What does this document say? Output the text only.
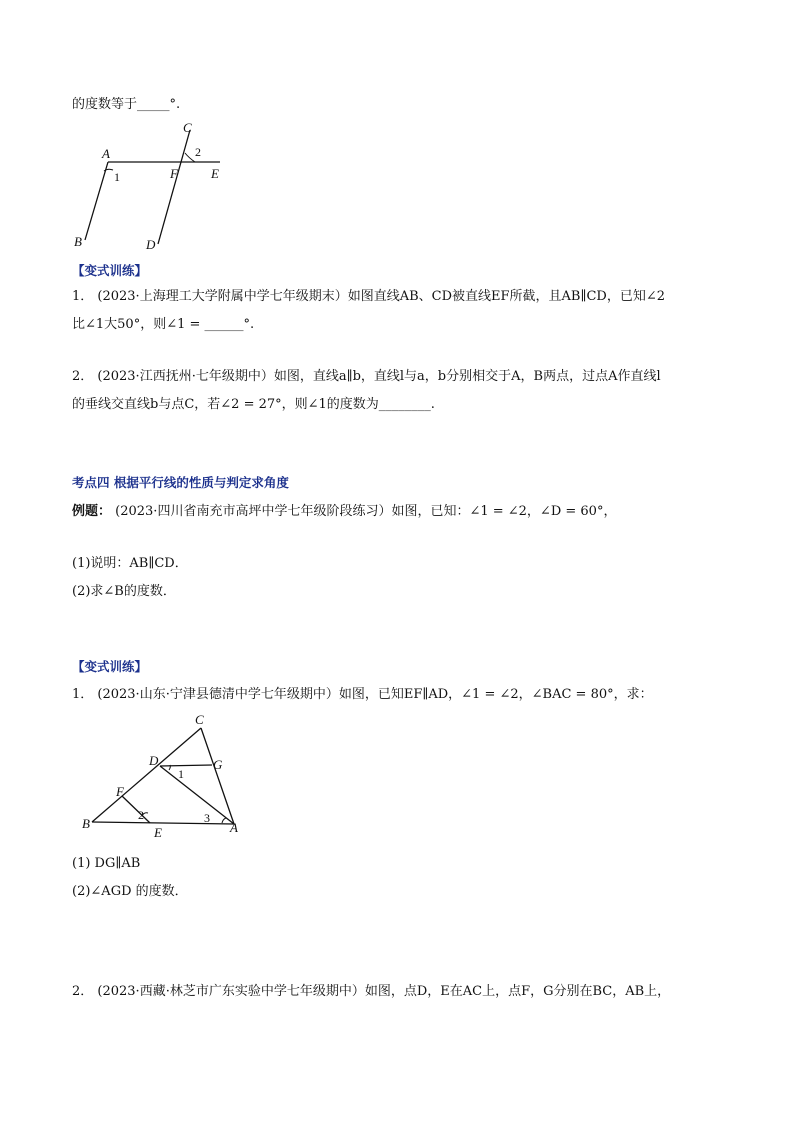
的度数等于_____°.
A
B
C
D
E
F
1
2
【变式训练】
1． (2023·上海理工大学附属中学七年级期末）如图直线AB、CD被直线EF所截，且AB∥CD，已知∠2
比∠1大50°，则∠1 = ______°.
2． (2023·江西抚州·七年级期中）如图，直线a∥b，直线l与a，b分别相交于A，B两点，过点A作直线l
的垂线交直线b与点C，若∠2 = 27°，则∠1的度数为________.
考点四 根据平行线的性质与判定求角度
例题： (2023·四川省南充市高坪中学七年级阶段练习）如图，已知：∠1 = ∠2，∠D = 60°，
(1)说明：AB∥CD．
(2)求∠B的度数．
【变式训练】
1． (2023·山东·宁津县德清中学七年级期中）如图，已知EF∥AD，∠1 = ∠2，∠BAC = 80°，求：
B
C
A
D
E
F
G
1
2	3
(1) DG∥AB
(2)∠AGD 的度数．
2． (2023·西藏·林芝市广东实验中学七年级期中）如图，点D，E在AC上，点F，G分别在BC，AB上，
